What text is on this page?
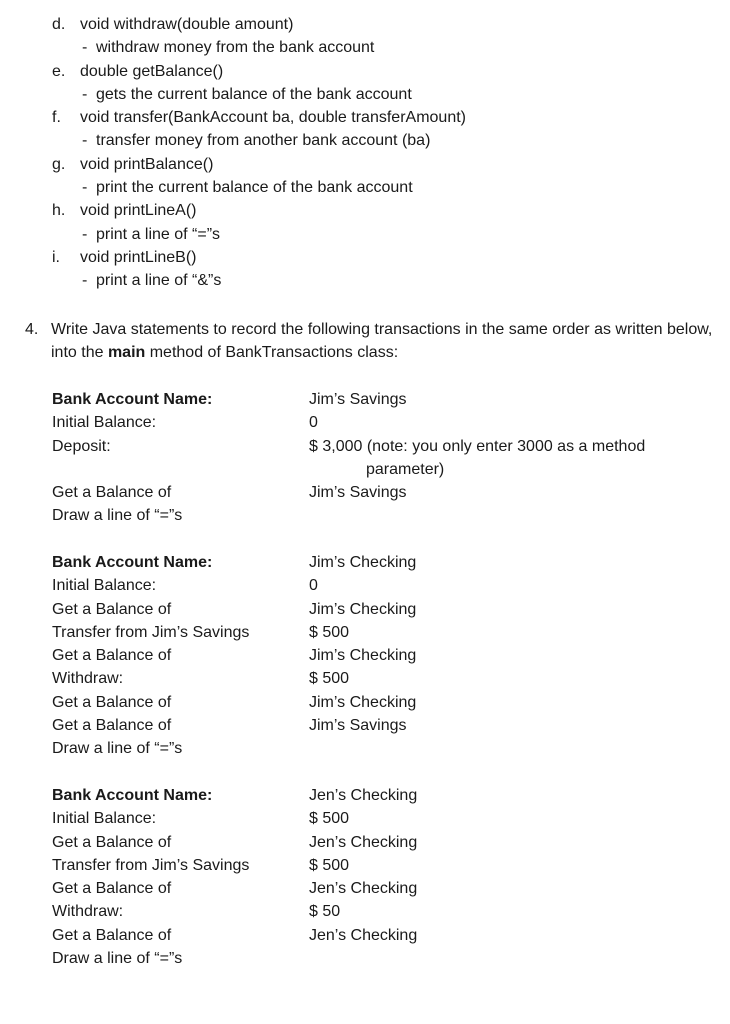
d. void withdraw(double amount)
- withdraw money from the bank account
e. double getBalance()
- gets the current balance of the bank account
f. void transfer(BankAccount ba, double transferAmount)
- transfer money from another bank account (ba)
g. void printBalance()
- print the current balance of the bank account
h. void printLineA()
- print a line of “=”s
i. void printLineB()
- print a line of “&”s
4. Write Java statements to record the following transactions in the same order as written below, into the main method of BankTransactions class:
Bank Account Name:	Jim’s Savings
Initial Balance:	0
Deposit:	$ 3,000 (note: you only enter 3000 as a method
parameter)
Get a Balance of	Jim’s Savings
Draw a line of “=”s
Bank Account Name:	Jim’s Checking
Initial Balance:	0
Get a Balance of	Jim’s Checking
Transfer from Jim’s Savings	$ 500
Get a Balance of	Jim’s Checking
Withdraw:	$ 500
Get a Balance of	Jim’s Checking
Get a Balance of	Jim’s Savings
Draw a line of “=”s
Bank Account Name:	Jen’s Checking
Initial Balance:	$ 500
Get a Balance of	Jen’s Checking
Transfer from Jim’s Savings	$ 500
Get a Balance of	Jen’s Checking
Withdraw:	$ 50
Get a Balance of	Jen’s Checking
Draw a line of “=”s
